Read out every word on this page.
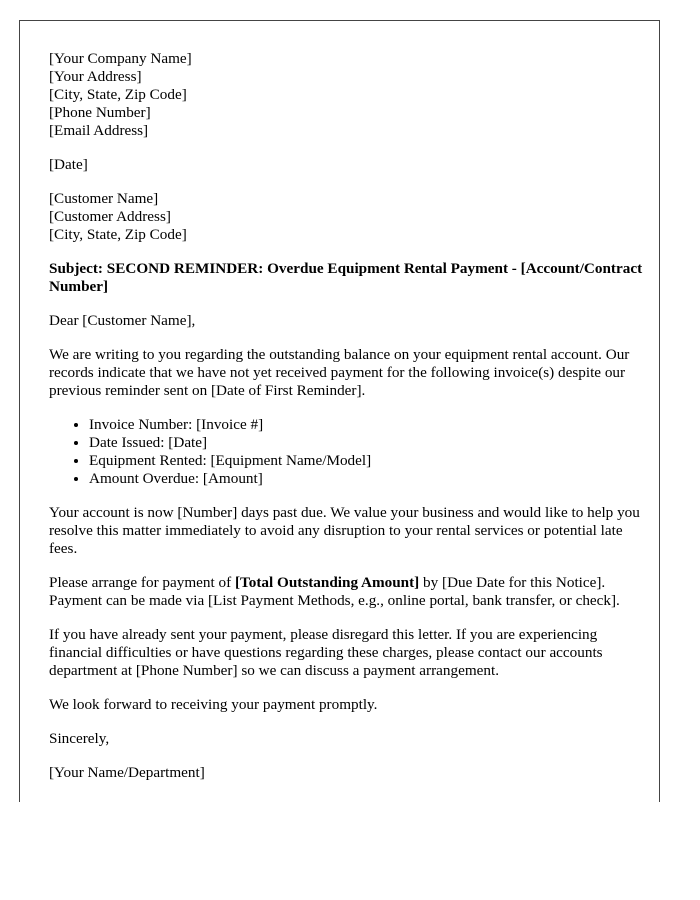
[Your Company Name]
[Your Address]
[City, State, Zip Code]
[Phone Number]
[Email Address]
[Date]
[Customer Name]
[Customer Address]
[City, State, Zip Code]

Subject: SECOND REMINDER: Overdue Equipment Rental Payment - [Account/Contract Number]

Dear [Customer Name],

We are writing to you regarding the outstanding balance on your equipment rental account. Our records indicate that we have not yet received payment for the following invoice(s) despite our previous reminder sent on [Date of First Reminder].

• Invoice Number: [Invoice #]
• Date Issued: [Date]
• Equipment Rented: [Equipment Name/Model]
• Amount Overdue: [Amount]

Your account is now [Number] days past due. We value your business and would like to help you resolve this matter immediately to avoid any disruption to your rental services or potential late fees.

Please arrange for payment of [Total Outstanding Amount] by [Due Date for this Notice]. Payment can be made via [List Payment Methods, e.g., online portal, bank transfer, or check].

If you have already sent your payment, please disregard this letter. If you are experiencing financial difficulties or have questions regarding these charges, please contact our accounts department at [Phone Number] so we can discuss a payment arrangement.

We look forward to receiving your payment promptly.

Sincerely,

[Your Name/Department]
